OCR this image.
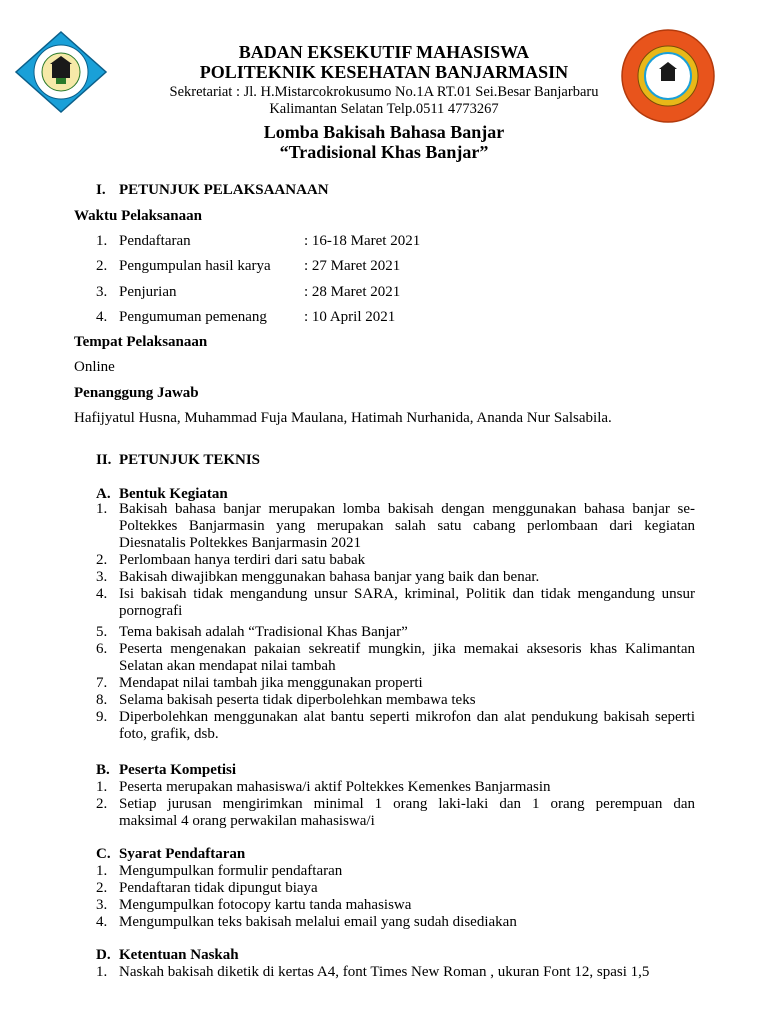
BADAN EKSEKUTIF MAHASISWA
POLITEKNIK KESEHATAN BANJARMASIN
Sekretariat : Jl. H.Mistarcokrokusumo No.1A RT.01 Sei.Besar Banjarbaru
Kalimantan Selatan Telp.0511 4773267
Lomba Bakisah Bahasa Banjar
“Tradisional Khas Banjar”
I. PETUNJUK PELAKSAANAAN
Waktu Pelaksanaan
1. Pendaftaran	: 16-18 Maret 2021
2. Pengumpulan hasil karya : 27 Maret 2021
3. Penjurian	: 28 Maret 2021
4. Pengumuman pemenang : 10 April 2021
Tempat Pelaksanaan
Online
Penanggung Jawab
Hafijyatul Husna, Muhammad Fuja Maulana, Hatimah Nurhanida, Ananda Nur Salsabila.
II. PETUNJUK TEKNIS
A. Bentuk Kegiatan
1. Bakisah bahasa banjar merupakan lomba bakisah dengan menggunakan bahasa banjar se-
Poltekkes Banjarmasin yang merupakan salah satu cabang perlombaan dari kegiatan
Diesnatalis Poltekkes Banjarmasin 2021
2. Perlombaan hanya terdiri dari satu babak
3. Bakisah diwajibkan menggunakan bahasa banjar yang baik dan benar.
4. Isi bakisah tidak mengandung unsur SARA, kriminal, Politik dan tidak mengandung unsur
pornografi
5. Tema bakisah adalah “Tradisional Khas Banjar”
6. Peserta mengenakan pakaian sekreatif mungkin, jika memakai aksesoris khas Kalimantan
Selatan akan mendapat nilai tambah
7. Mendapat nilai tambah jika menggunakan properti
8. Selama bakisah peserta tidak diperbolehkan membawa teks
9. Diperbolehkan menggunakan alat bantu seperti mikrofon dan alat pendukung bakisah seperti
foto, grafik, dsb.
B. Peserta Kompetisi
1. Peserta merupakan mahasiswa/i aktif Poltekkes Kemenkes Banjarmasin
2. Setiap jurusan mengirimkan minimal 1 orang laki-laki dan 1 orang perempuan dan
maksimal 4 orang perwakilan mahasiswa/i
C. Syarat Pendaftaran
1. Mengumpulkan formulir pendaftaran
2. Pendaftaran tidak dipungut biaya
3. Mengumpulkan fotocopy kartu tanda mahasiswa
4. Mengumpulkan teks bakisah melalui email yang sudah disediakan
D. Ketentuan Naskah
1. Naskah bakisah diketik di kertas A4, font Times New Roman , ukuran Font 12, spasi 1,5
